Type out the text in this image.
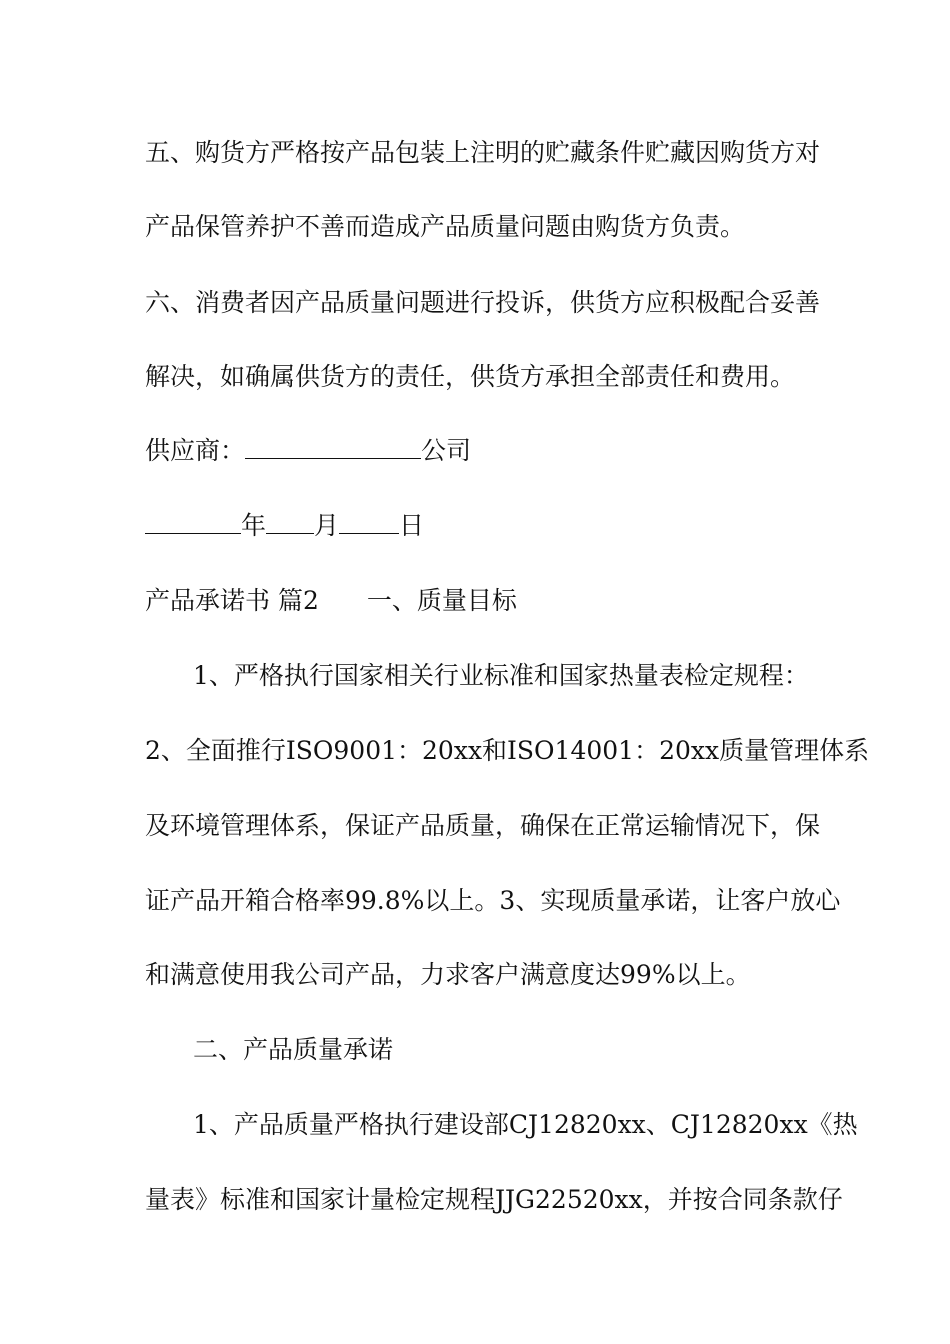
五、购货方严格按产品包装上注明的贮藏条件贮藏因购货方对
产品保管养护不善而造成产品质量问题由购货方负责。
六、消费者因产品质量问题进行投诉，供货方应积极配合妥善
解决，如确属供货方的责任，供货方承担全部责任和费用。
供应商：	公司
年 月 日
产品承诺书 篇2 一、质量目标
1、严格执行国家相关行业标准和国家热量表检定规程：
2、全面推行ISO9001：20xx和ISO14001：20xx质量管理体系
及环境管理体系，保证产品质量，确保在正常运输情况下，保
证产品开箱合格率99.8%以上。3、实现质量承诺，让客户放心
和满意使用我公司产品，力求客户满意度达99%以上。
二、产品质量承诺
1、产品质量严格执行建设部CJ12820xx、CJ12820xx《热
量表》标准和国家计量检定规程JJG22520xx，并按合同条款仔
